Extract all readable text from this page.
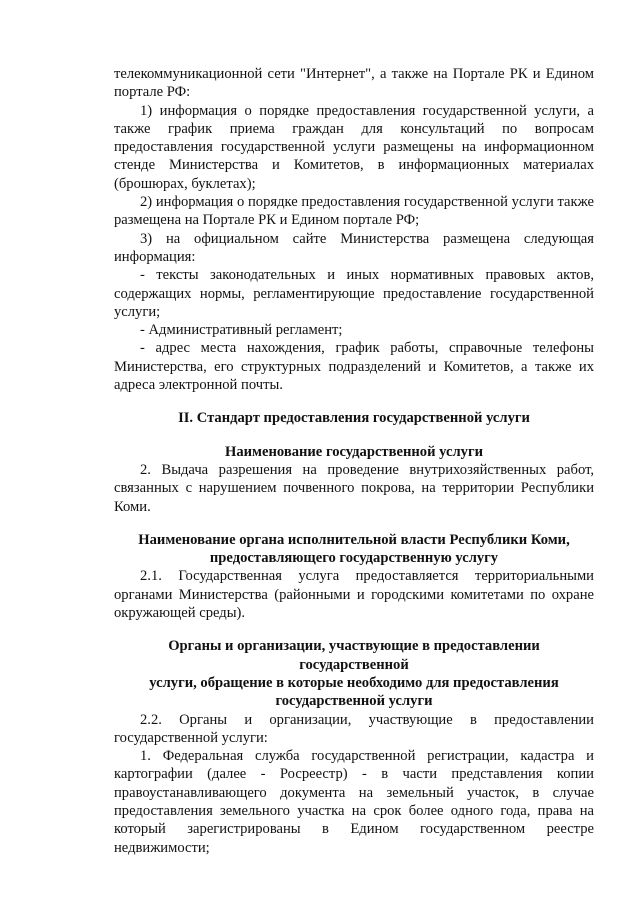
телекоммуникационной сети "Интернет", а также на Портале РК и Едином портале РФ:

1) информация о порядке предоставления государственной услуги, а также график приема граждан для консультаций по вопросам предоставления государственной услуги размещены на информационном стенде Министерства и Комитетов, в информационных материалах (брошюрах, буклетах);

2) информация о порядке предоставления государственной услуги также размещена на Портале РК и Едином портале РФ;

3) на официальном сайте Министерства размещена следующая информация:

- тексты законодательных и иных нормативных правовых актов, содержащих нормы, регламентирующие предоставление государственной услуги;

- Административный регламент;

- адрес места нахождения, график работы, справочные телефоны Министерства, его структурных подразделений и Комитетов, а также их адреса электронной почты.

II. Стандарт предоставления государственной услуги
Наименование государственной услуги

2. Выдача разрешения на проведение внутрихозяйственных работ, связанных с нарушением почвенного покрова, на территории Республики Коми.

Наименование органа исполнительной власти Республики Коми,
предоставляющего государственную услугу

2.1. Государственная услуга предоставляется территориальными органами Министерства (районными и городскими комитетами по охране окружающей среды).

Органы и организации, участвующие в предоставлении государственной
услуги, обращение в которые необходимо для предоставления
государственной услуги

2.2. Органы и организации, участвующие в предоставлении государственной услуги:

1. Федеральная служба государственной регистрации, кадастра и картографии (далее - Росреестр) - в части представления копии правоустанавливающего документа на земельный участок, в случае предоставления земельного участка на срок более одного года, права на который зарегистрированы в Едином государственном реестре недвижимости;
